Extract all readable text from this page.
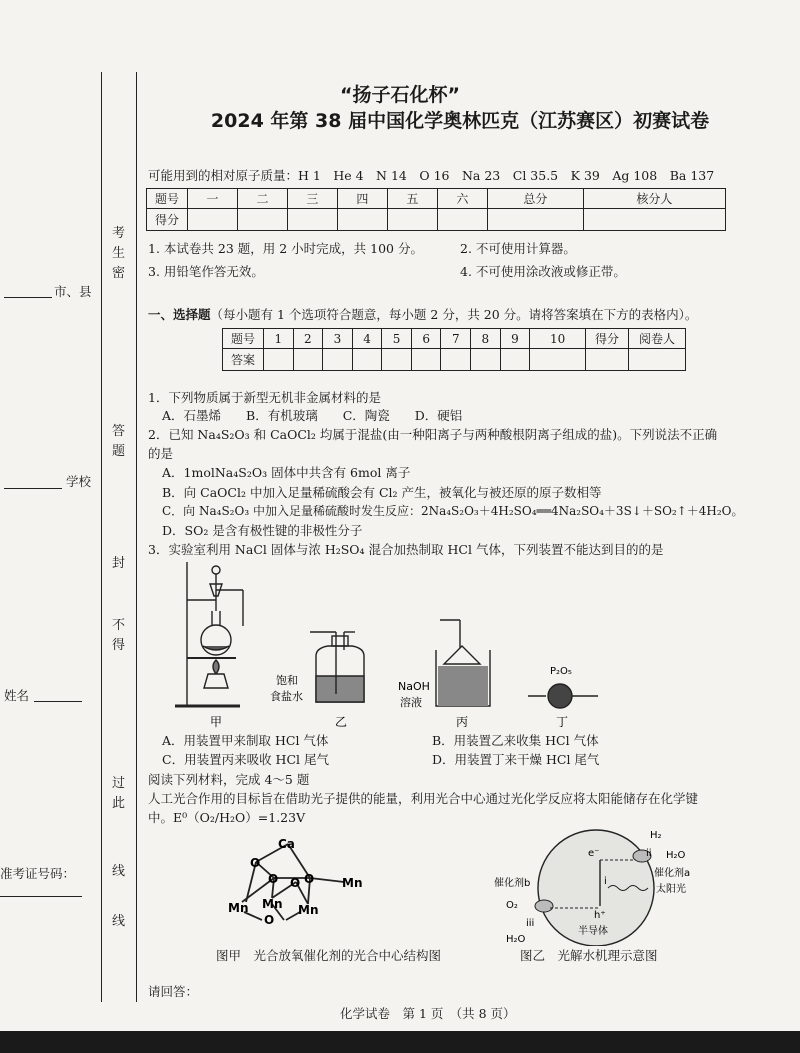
考
生
密
答
题
封
不
得
过
此
线
线
市、县
学校
姓名
准考证号码：
“扬子石化杯”
2024 年第 38 届中国化学奥林匹克（江苏赛区）初赛试卷
可能用到的相对原子质量：H 1　He 4　N 14　O 16　Na 23　Cl 35.5　K 39　Ag 108　Ba 137
题号	一	二	三	四	五	六	总分	核分人
得分								
1. 本试卷共 23 题，用 2 小时完成，共 100 分。	2. 不可使用计算器。
3. 用铅笔作答无效。	4. 不可使用涂改液或修正带。
一、选择题（每小题有 1 个选项符合题意，每小题 2 分，共 20 分。请将答案填在下方的表格内）。
题号	1	2	3	4	5	6	7	8	9	10	得分	阅卷人
答案												
1．下列物质属于新型无机非金属材料的是
A．石墨烯　　B．有机玻璃　　C．陶瓷　　D．硬铝
2．已知 Na₄S₂O₃ 和 CaOCl₂ 均属于混盐(由一种阳离子与两种酸根阴离子组成的盐)。下列说法不正确
的是
A．1molNa₄S₂O₃ 固体中共含有 6mol 离子
B．向 CaOCl₂ 中加入足量稀硫酸会有 Cl₂ 产生，被氧化与被还原的原子数相等
C．向 Na₄S₂O₃ 中加入足量稀硫酸时发生反应：2Na₄S₂O₃＋4H₂SO₄══4Na₂SO₄＋3S↓＋SO₂↑＋4H₂O。
D．SO₂ 是含有极性键的非极性分子
3．实验室利用 NaCl 固体与浓 H₂SO₄ 混合加热制取 HCl 气体，下列装置不能达到目的的是
甲
饱和
食盐水
乙
NaOH
溶液
丙
P₂O₅
丁
A．用装置甲来制取 HCl 气体	B．用装置乙来收集 HCl 气体
C．用装置丙来吸收 HCl 尾气	D．用装置丁来干燥 HCl 尾气
阅读下列材料，完成 4～5 题
人工光合作用的目标旨在借助光子提供的能量，利用光合中心通过光化学反应将太阳能储存在化学键
中。E⁰（O₂/H₂O）=1.23V
Ca
O
O O O
O
Mn
Mn Mn Mn
图甲　光合放氧催化剂的光合中心结构图
H₂
ii H₂O
e⁻
催化剂b
催化剂a
i
太阳光
O₂
iii
h⁺
半导体
H₂O
图乙　光解水机理示意图
请回答：
化学试卷　第 1 页　（共 8 页）
